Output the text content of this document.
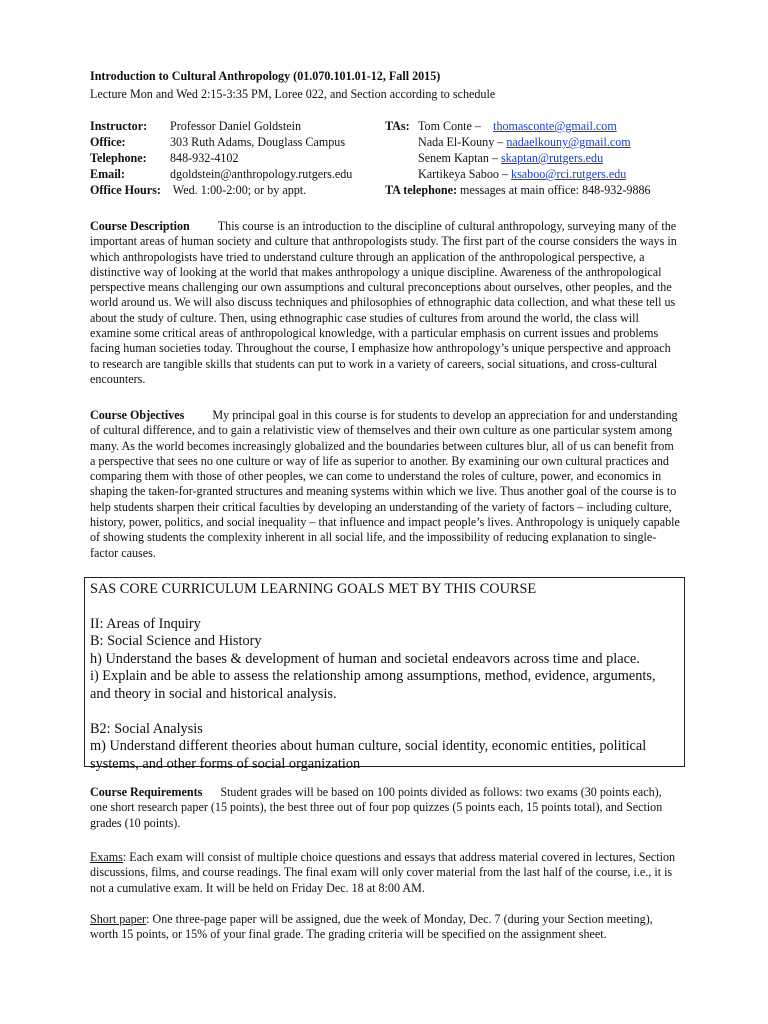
Introduction to Cultural Anthropology (01.070.101.01-12, Fall 2015)
Lecture Mon and Wed 2:15-3:35 PM, Loree 022, and Section according to schedule
Instructor: Professor Daniel Goldstein
Office:	303 Ruth Adams, Douglass Campus
Telephone: 848-932-4102
Email:	dgoldstein@anthropology.rutgers.edu
Office Hours: Wed. 1:00-2:00; or by appt.
TAs: Tom Conte – thomasconte@gmail.com
Nada El-Kouny – nadaelkouny@gmail.com
Senem Kaptan – skaptan@rutgers.edu
Kartikeya Saboo – ksaboo@rci.rutgers.edu
TA telephone: messages at main office: 848-932-9886
Course Description This course is an introduction to the discipline of cultural anthropology, surveying many of the important areas of human society and culture that anthropologists study. The first part of the course considers the ways in which anthropologists have tried to understand culture through an application of the anthropological perspective, a distinctive way of looking at the world that makes anthropology a unique discipline. Awareness of the anthropological perspective means challenging our own assumptions and cultural preconceptions about ourselves, other peoples, and the world around us. We will also discuss techniques and philosophies of ethnographic data collection, and what these tell us about the study of culture. Then, using ethnographic case studies of cultures from around the world, the class will examine some critical areas of anthropological knowledge, with a particular emphasis on current issues and problems facing human societies today. Throughout the course, I emphasize how anthropology’s unique perspective and approach to research are tangible skills that students can put to work in a variety of careers, social situations, and cross-cultural encounters.
Course Objectives My principal goal in this course is for students to develop an appreciation for and understanding of cultural difference, and to gain a relativistic view of themselves and their own culture as one particular system among many. As the world becomes increasingly globalized and the boundaries between cultures blur, all of us can benefit from a perspective that sees no one culture or way of life as superior to another. By examining our own cultural practices and comparing them with those of other peoples, we can come to understand the roles of culture, power, and economics in shaping the taken-for-granted structures and meaning systems within which we live. Thus another goal of the course is to help students sharpen their critical faculties by developing an understanding of the variety of factors – including culture, history, power, politics, and social inequality – that influence and impact people’s lives. Anthropology is uniquely capable of showing students the complexity inherent in all social life, and the impossibility of reducing explanation to single-factor causes.
SAS CORE CURRICULUM LEARNING GOALS MET BY THIS COURSE
II: Areas of Inquiry
B: Social Science and History
h) Understand the bases & development of human and societal endeavors across time and place.
i) Explain and be able to assess the relationship among assumptions, method, evidence, arguments, and theory in social and historical analysis.
B2: Social Analysis
m) Understand different theories about human culture, social identity, economic entities, political systems, and other forms of social organization
Course Requirements Student grades will be based on 100 points divided as follows: two exams (30 points each), one short research paper (15 points), the best three out of four pop quizzes (5 points each, 15 points total), and Section grades (10 points).
Exams: Each exam will consist of multiple choice questions and essays that address material covered in lectures, Section discussions, films, and course readings. The final exam will only cover material from the last half of the course, i.e., it is not a cumulative exam. It will be held on Friday Dec. 18 at 8:00 AM.
Short paper: One three-page paper will be assigned, due the week of Monday, Dec. 7 (during your Section meeting), worth 15 points, or 15% of your final grade. The grading criteria will be specified on the assignment sheet.
